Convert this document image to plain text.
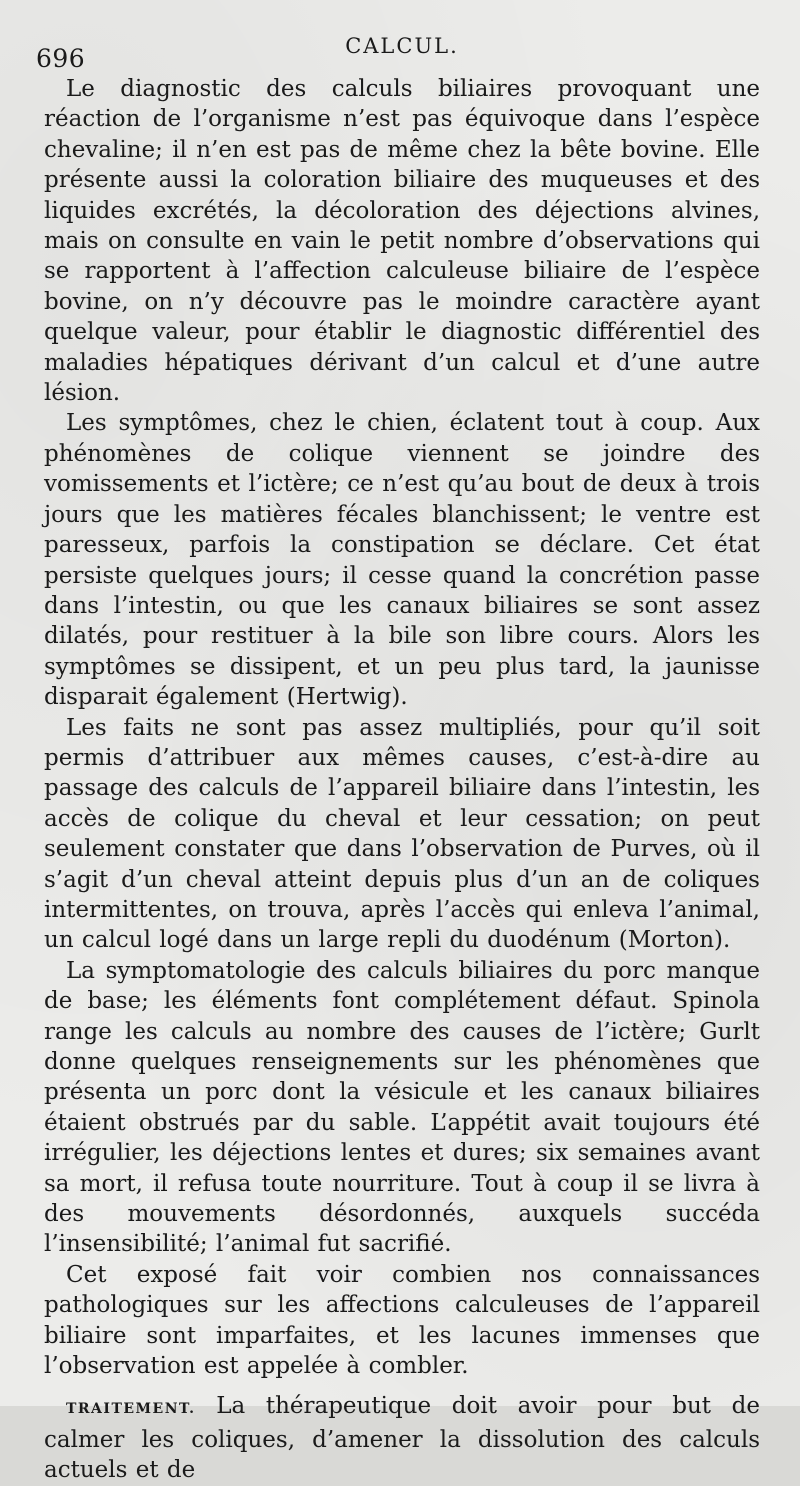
696	CALCUL.

Le diagnostic des calculs biliaires provoquant une réaction de l’organisme n’est pas équivoque dans l’espèce chevaline; il n’en est pas de même chez la bête bovine. Elle présente aussi la coloration biliaire des muqueuses et des liquides excrétés, la décoloration des déjections alvines, mais on consulte en vain le petit nombre d’observations qui se rapportent à l’affection calculeuse biliaire de l’espèce bovine, on n’y découvre pas le moindre caractère ayant quelque valeur, pour établir le diagnostic différentiel des maladies hépatiques dérivant d’un calcul et d’une autre lésion.

Les symptômes, chez le chien, éclatent tout à coup. Aux phénomènes de colique viennent se joindre des vomissements et l’ictère; ce n’est qu’au bout de deux à trois jours que les matières fécales blanchissent; le ventre est paresseux, parfois la constipation se déclare. Cet état persiste quelques jours; il cesse quand la concrétion passe dans l’intestin, ou que les canaux biliaires se sont assez dilatés, pour restituer à la bile son libre cours. Alors les symptômes se dissipent, et un peu plus tard, la jaunisse disparait également (Hertwig).

Les faits ne sont pas assez multipliés, pour qu’il soit permis d’attribuer aux mêmes causes, c’est-à-dire au passage des calculs de l’appareil biliaire dans l’intestin, les accès de colique du cheval et leur cessation; on peut seulement constater que dans l’observation de Purves, où il s’agit d’un cheval atteint depuis plus d’un an de coliques intermittentes, on trouva, après l’accès qui enleva l’animal, un calcul logé dans un large repli du duodénum (Morton).

La symptomatologie des calculs biliaires du porc manque de base; les éléments font complétement défaut. Spinola range les calculs au nombre des causes de l’ictère; Gurlt donne quelques renseignements sur les phénomènes que présenta un porc dont la vésicule et les canaux biliaires étaient obstrués par du sable. L’appétit avait toujours été irrégulier, les déjections lentes et dures; six semaines avant sa mort, il refusa toute nourriture. Tout à coup il se livra à des mouvements désordonnés, auxquels succéda l’insensibilité; l’animal fut sacrifié.

Cet exposé fait voir combien nos connaissances pathologiques sur les affections calculeuses de l’appareil biliaire sont imparfaites, et les lacunes immenses que l’observation est appelée à combler.

TRAITEMENT. La thérapeutique doit avoir pour but de calmer les coliques, d’amener la dissolution des calculs actuels et de
